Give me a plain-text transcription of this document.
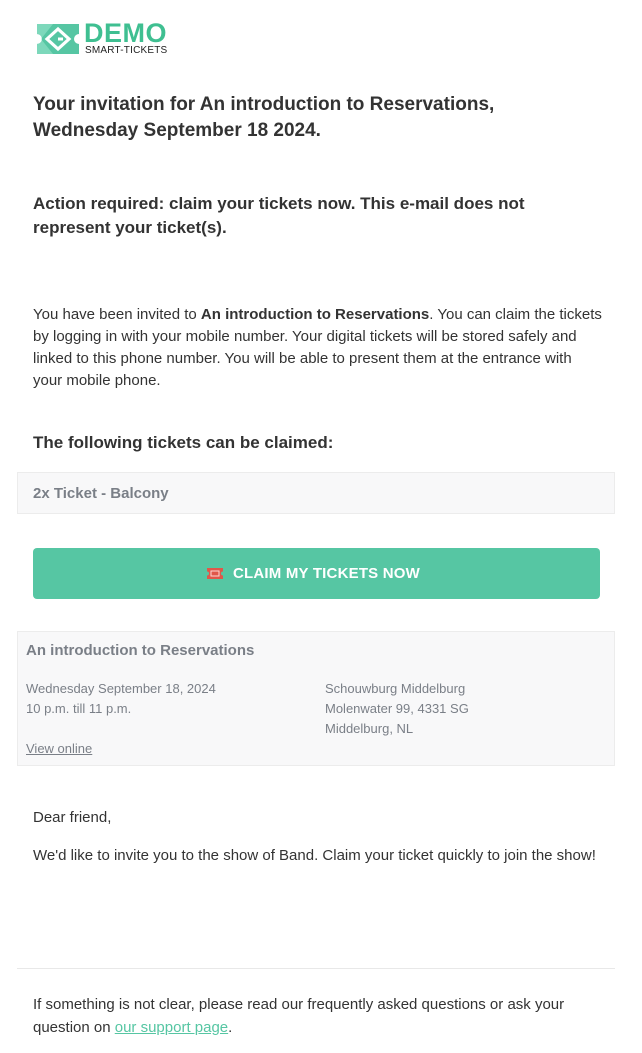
DEMO
SMART-TICKETS
Your invitation for An introduction to Reservations,
Wednesday September 18 2024.

Action required: claim your tickets now. This e-mail does not represent your ticket(s).

You have been invited to An introduction to Reservations. You can claim the tickets by logging in with your mobile number. Your digital tickets will be stored safely and linked to this phone number. You will be able to present them at the entrance with your mobile phone.

The following tickets can be claimed:
2x Ticket - Balcony
CLAIM MY TICKETS NOW
An introduction to Reservations
Wednesday September 18, 2024
10 p.m. till 11 p.m.
Schouwburg Middelburg
Molenwater 99, 4331 SG
Middelburg, NL
View online

Dear friend,

We'd like to invite you to the show of Band. Claim your ticket quickly to join the show!

If something is not clear, please read our frequently asked questions or ask your question on our support page.
